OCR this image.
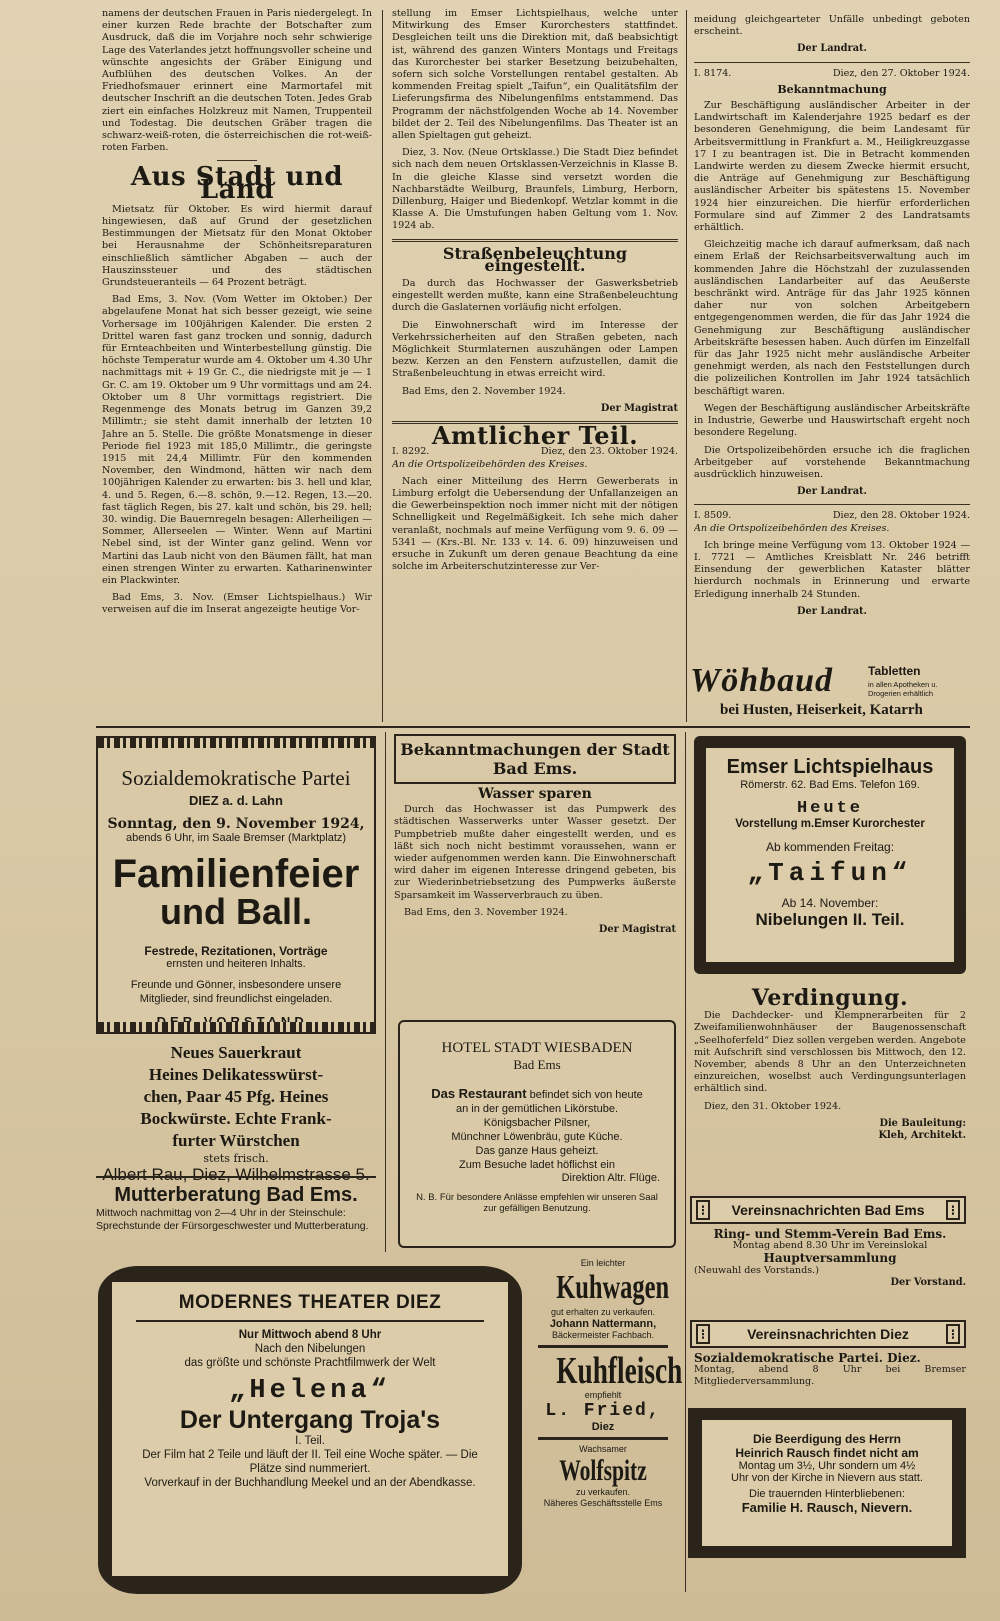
namens der deutschen Frauen in Paris niedergelegt. In einer kurzen Rede brachte der Botschafter zum Ausdruck, daß die im Vorjahre noch sehr schwierige Lage des Vaterlandes jetzt hoffnungsvoller scheine und wünschte angesichts der Gräber Einigung und Aufblühen des deutschen Volkes. An der Friedhofsmauer erinnert eine Marmortafel mit deutscher Inschrift an die deutschen Toten. Jedes Grab ziert ein einfaches Holzkreuz mit Namen, Truppenteil und Todestag. Die deutschen Gräber tragen die schwarz-weiß-roten, die österreichischen die rot-weiß-roten Farben.

Aus Stadt und Land

Mietsatz für Oktober. Es wird hiermit darauf hingewiesen, daß auf Grund der gesetzlichen Bestimmungen der Mietsatz für den Monat Oktober bei Herausnahme der Schönheitsreparaturen einschließlich sämtlicher Abgaben — auch der Hauszinssteuer und des städtischen Grundsteueranteils — 64 Prozent beträgt.

Bad Ems, 3. Nov. (Vom Wetter im Oktober.) Der abgelaufene Monat hat sich besser gezeigt, wie seine Vorhersage im 100jährigen Kalender. Die ersten 2 Drittel waren fast ganz trocken und sonnig, dadurch für Ernteachbeiten und Winterbestellung günstig. Die höchste Temperatur wurde am 4. Oktober um 4.30 Uhr nachmittags mit + 19 Gr. C., die niedrigste mit je — 1 Gr. C. am 19. Oktober um 9 Uhr vormittags und am 24. Oktober um 8 Uhr vormittags registriert. Die Regenmenge des Monats betrug im Ganzen 39,2 Millimtr.; sie steht damit innerhalb der letzten 10 Jahre an 5. Stelle. Die größte Monatsmenge in dieser Periode fiel 1923 mit 185,0 Millimtr., die geringste 1915 mit 24,4 Millimtr. Für den kommenden November, den Windmond, hätten wir nach dem 100jährigen Kalender zu erwarten: bis 3. hell und klar, 4. und 5. Regen, 6.—8. schön, 9.—12. Regen, 13.—20. fast täglich Regen, bis 27. kalt und schön, bis 29. hell; 30. windig. Die Bauernregeln besagen: Allerheiligen — Sommer, Allerseelen — Winter. Wenn auf Martini Nebel sind, ist der Winter ganz gelind. Wenn vor Martini das Laub nicht von den Bäumen fällt, hat man einen strengen Winter zu erwarten. Katharinenwinter ein Plackwinter.

Bad Ems, 3. Nov. (Emser Lichtspielhaus.) Wir verweisen auf die im Inserat angezeigte heutige Vor-

stellung im Emser Lichtspielhaus, welche unter Mitwirkung des Emser Kurorchesters stattfindet. Desgleichen teilt uns die Direktion mit, daß beabsichtigt ist, während des ganzen Winters Montags und Freitags das Kurorchester bei starker Besetzung beizubehalten, sofern sich solche Vorstellungen rentabel gestalten. Ab kommenden Freitag spielt „Taifun“, ein Qualitätsfilm der Lieferungsfirma des Nibelungenfilms entstammend. Das Programm der nächstfolgenden Woche ab 14. November bildet der 2. Teil des Nibelungenfilms. Das Theater ist an allen Spieltagen gut geheizt.

Diez, 3. Nov. (Neue Ortsklasse.) Die Stadt Diez befindet sich nach dem neuen Ortsklassen-Verzeichnis in Klasse B. In die gleiche Klasse sind versetzt worden die Nachbarstädte Weilburg, Braunfels, Limburg, Herborn, Dillenburg, Haiger und Biedenkopf. Wetzlar kommt in die Klasse A. Die Umstufungen haben Geltung vom 1. Nov. 1924 ab.

Straßenbeleuchtung eingestellt.

Da durch das Hochwasser der Gaswerksbetrieb eingestellt werden mußte, kann eine Straßenbeleuchtung durch die Gaslaternen vorläufig nicht erfolgen.

Die Einwohnerschaft wird im Interesse der Verkehrssicherheiten auf den Straßen gebeten, nach Möglichkeit Sturmlaternen auszuhängen oder Lampen bezw. Kerzen an den Fenstern aufzustellen, damit die Straßenbeleuchtung in etwas erreicht wird.

Bad Ems, den 2. November 1924.

Der Magistrat
Amtlicher Teil.
I. 8292.	Diez, den 23. Oktober 1924.

An die Ortspolizeibehörden des Kreises.

Nach einer Mitteilung des Herrn Gewerberats in Limburg erfolgt die Uebersendung der Unfallanzeigen an die Gewerbeinspektion noch immer nicht mit der nötigen Schnelligkeit und Regelmäßigkeit. Ich sehe mich daher veranlaßt, nochmals auf meine Verfügung vom 9. 6. 09 — 5341 — (Krs.-Bl. Nr. 133 v. 14. 6. 09) hinzuweisen und ersuche in Zukunft um deren genaue Beachtung da eine solche im Arbeiterschutzinteresse zur Ver-

meidung gleichgearteter Unfälle unbedingt geboten erscheint.

Der Landrat.
I. 8174.	Diez, den 27. Oktober 1924.
Bekanntmachung

Zur Beschäftigung ausländischer Arbeiter in der Landwirtschaft im Kalenderjahre 1925 bedarf es der besonderen Genehmigung, die beim Landesamt für Arbeitsvermittlung in Frankfurt a. M., Heiligkreuzgasse 17 I zu beantragen ist. Die in Betracht kommenden Landwirte werden zu diesem Zwecke hiermit ersucht, die Anträge auf Genehmigung zur Beschäftigung ausländischer Arbeiter bis spätestens 15. November 1924 hier einzureichen. Die hierfür erforderlichen Formulare sind auf Zimmer 2 des Landratsamts erhältlich.

Gleichzeitig mache ich darauf aufmerksam, daß nach einem Erlaß der Reichsarbeitsverwaltung auch im kommenden Jahre die Höchstzahl der zuzulassenden ausländischen Landarbeiter auf das Aeußerste beschränkt wird. Anträge für das Jahr 1925 können daher nur von solchen Arbeitgebern entgegengenommen werden, die für das Jahr 1924 die Genehmigung zur Beschäftigung ausländischer Arbeitskräfte besessen haben. Auch dürfen im Einzelfall für das Jahr 1925 nicht mehr ausländische Arbeiter genehmigt werden, als nach den Feststellungen durch die polizeilichen Kontrollen im Jahr 1924 tatsächlich beschäftigt waren.

Wegen der Beschäftigung ausländischer Arbeitskräfte in Industrie, Gewerbe und Hauswirtschaft ergeht noch besondere Regelung.

Die Ortspolizeibehörden ersuche ich die fraglichen Arbeitgeber auf vorstehende Bekanntmachung ausdrücklich hinzuweisen.

Der Landrat.
I. 8509.	Diez, den 28. Oktober 1924.

An die Ortspolizeibehörden des Kreises.

Ich bringe meine Verfügung vom 13. Oktober 1924 — I. 7721 — Amtliches Kreisblatt Nr. 246 betrifft Einsendung der gewerblichen Kataster blätter hierdurch nochmals in Erinnerung und erwarte Erledigung innerhalb 24 Stunden.

Der Landrat.
Wöhbaud	Tabletten
in allen Apotheken u. Drogerien erhältlich
bei Husten, Heiserkeit, Katarrh
Sozialdemokratische Partei
DIEZ a. d. Lahn
Sonntag, den 9. November 1924,
abends 6 Uhr, im Saale Bremser (Marktplatz)
Familienfeier
und Ball.
Festrede, Rezitationen, Vorträge
ernsten und heiteren Inhalts.
Freunde und Gönner, insbesondere unsere Mitglieder, sind freundlichst eingeladen.
Neues Sauerkraut
Heines Delikatesswürst-
chen, Paar 45 Pfg. Heines
Bockwürste. Echte Frank-
furter Würstchen
stets frisch.
Albert Rau, Diez, Wilhelmstrasse 5.
Mutterberatung Bad Ems.
Mittwoch nachmittag von 2—4 Uhr in der Steinschule: Sprechstunde der Fürsorgeschwester und Mutterberatung.
Bekanntmachungen der Stadt
Bad Ems.
Wasser sparen

Durch das Hochwasser ist das Pumpwerk des städtischen Wasserwerks unter Wasser gesetzt. Der Pumpbetrieb mußte daher eingestellt werden, und es läßt sich noch nicht bestimmt voraussehen, wann er wieder aufgenommen werden kann. Die Einwohnerschaft wird daher im eigenen Interesse dringend gebeten, bis zur Wiederinbetriebsetzung des Pumpwerks äußerste Sparsamkeit im Wasserverbrauch zu üben.

Bad Ems, den 3. November 1924.

Der Magistrat
HOTEL STADT WIESBADEN
Bad Ems
Das Restaurant befindet sich von heute
an in der gemütlichen Likörstube.
Königsbacher Pilsner,
Münchner Löwenbräu, gute Küche.
Das ganze Haus geheizt.
Zum Besuche ladet höflichst ein
Direktion Altr. Flüge.
N. B. Für besondere Anlässe empfehlen wir unseren Saal zur gefälligen Benutzung.
Emser Lichtspielhaus
Römerstr. 62. Bad Ems. Telefon 169.
Heute
Vorstellung m.Emser Kurorchester
Ab kommenden Freitag:
„Taifun“
Ab 14. November:
Nibelungen II. Teil.
Verdingung.

Die Dachdecker- und Klempnerarbeiten für 2 Zweifamilienwohnhäuser der Baugenossenschaft „Seelhoferfeld“ Diez sollen vergeben werden. Angebote mit Aufschrift sind verschlossen bis Mittwoch, den 12. November, abends 8 Uhr an den Unterzeichneten einzureichen, woselbst auch Verdingungsunterlagen erhältlich sind.

Diez, den 31. Oktober 1924.

Die Bauleitung:
Kleh, Architekt.
⁝	Vereinsnachrichten Bad Ems	⁝
Ring- und Stemm-Verein Bad Ems.
Montag abend 8.30 Uhr im Vereinslokal
Hauptversammlung
(Neuwahl des Vorstands.)
Der Vorstand.
⁝	Vereinsnachrichten Diez	⁝
Sozialdemokratische Partei. Diez.
Montag, abend 8 Uhr bei Bremser Mitgliederversammlung.
Die Beerdigung des Herrn
Heinrich Rausch findet nicht am
Montag um 3½, Uhr sondern um 4½
Uhr von der Kirche in Nievern aus statt.
Die trauernden Hinterbliebenen:
Familie H. Rausch, Nievern.
MODERNES THEATER DIEZ
Nur Mittwoch abend 8 Uhr
Nach den Nibelungen
das größte und schönste Prachtfilmwerk der Welt
„Helena“
Der Untergang Troja's
I. Teil.
Der Film hat 2 Teile und läuft der II. Teil eine Woche später. — Die Plätze sind nummeriert.
Vorverkauf in der Buchhandlung Meekel und an der Abendkasse.
Ein leichter
Kuhwagen
gut erhalten zu verkaufen.
Johann Nattermann,
Bäckermeister Fachbach.
Kuhfleisch
empfiehlt
L. Fried,
Diez
Wachsamer
Wolfspitz
zu verkaufen.
Näheres Geschäftsstelle Ems
